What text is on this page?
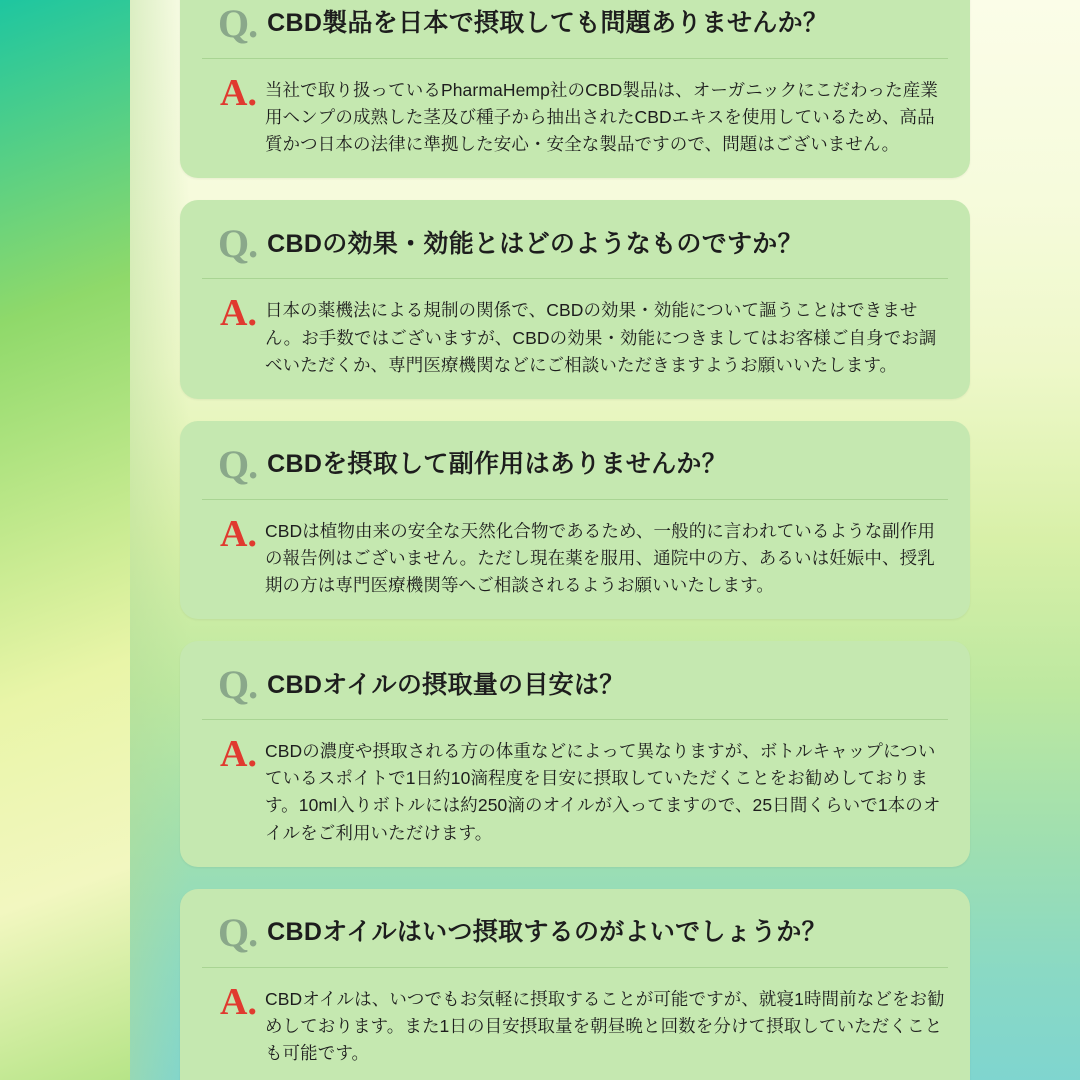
Q. CBD製品を日本で摂取しても問題ありませんか？
A. 当社で取り扱っているPharmaHemp社のCBD製品は、オーガニックにこだわった産業用ヘンプの成熟した茎及び種子から抽出されたCBDエキスを使用しているため、高品質かつ日本の法律に準拠した安心・安全な製品ですので、問題はございません。
Q. CBDの効果・効能とはどのようなものですか？
A. 日本の薬機法による規制の関係で、CBDの効果・効能について謳うことはできません。お手数ではございますが、CBDの効果・効能につきましてはお客様ご自身でお調べいただくか、専門医療機関などにご相談いただきますようお願いいたします。
Q. CBDを摂取して副作用はありませんか？
A. CBDは植物由来の安全な天然化合物であるため、一般的に言われているような副作用の報告例はございません。ただし現在薬を服用、通院中の方、あるいは妊娠中、授乳期の方は専門医療機関等へご相談されるようお願いいたします。
Q. CBDオイルの摂取量の目安は？
A. CBDの濃度や摂取される方の体重などによって異なりますが、ボトルキャップについているスポイトで1日約10滴程度を目安に摂取していただくことをお勧めしております。10ml入りボトルには約250滴のオイルが入ってますので、25日間くらいで1本のオイルをご利用いただけます。
Q. CBDオイルはいつ摂取するのがよいでしょうか？
A. CBDオイルは、いつでもお気軽に摂取することが可能ですが、就寝1時間前などをお勧めしております。また1日の目安摂取量を朝昼晩と回数を分けて摂取していただくことも可能です。
